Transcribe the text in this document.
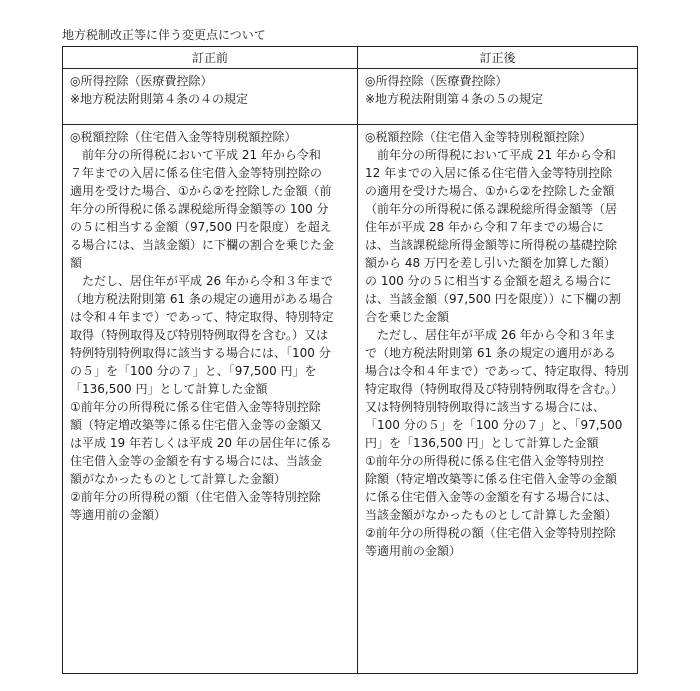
地方税制改正等に伴う変更点について
訂正前	訂正後
◎所得控除（医療費控除）
※地方税法附則第４条の４の規定
◎所得控除（医療費控除）
※地方税法附則第４条の５の規定
◎税額控除（住宅借入金等特別税額控除）
前年分の所得税において平成 21 年から令和
７年までの入居に係る住宅借入金等特別控除の
適用を受けた場合、①から②を控除した金額（前
年分の所得税に係る課税総所得金額等の 100 分
の５に相当する金額（97,500 円を限度）を超え
る場合には、当該金額）に下欄の割合を乗じた金
額
ただし、居住年が平成 26 年から令和３年まで
（地方税法附則第 61 条の規定の適用がある場合
は令和４年まで）であって、特定取得、特別特定
取得（特例取得及び特別特例取得を含む。）又は
特例特別特例取得に該当する場合には、「100 分
の５」を「100 分の７」と、「97,500 円」を
「136,500 円」として計算した金額
①前年分の所得税に係る住宅借入金等特別控除
額（特定増改築等に係る住宅借入金等の金額又
は平成 19 年若しくは平成 20 年の居住年に係る
住宅借入金等の金額を有する場合には、当該金
額がなかったものとして計算した金額）
②前年分の所得税の額（住宅借入金等特別控除
等適用前の金額）
◎税額控除（住宅借入金等特別税額控除）
前年分の所得税において平成 21 年から令和
12 年までの入居に係る住宅借入金等特別控除
の適用を受けた場合、①から②を控除した金額
（前年分の所得税に係る課税総所得金額等（居
住年が平成 28 年から令和７年までの場合に
は、当該課税総所得金額等に所得税の基礎控除
額から 48 万円を差し引いた額を加算した額）
の 100 分の５に相当する金額を超える場合に
は、当該金額（97,500 円を限度））に下欄の割
合を乗じた金額
ただし、居住年が平成 26 年から令和３年ま
で（地方税法附則第 61 条の規定の適用がある
場合は令和４年まで）であって、特定取得、特別
特定取得（特例取得及び特別特例取得を含む。）
又は特例特別特例取得に該当する場合には、
「100 分の５」を「100 分の７」と、「97,500
円」を「136,500 円」として計算した金額
①前年分の所得税に係る住宅借入金等特別控
除額（特定増改築等に係る住宅借入金等の金額
に係る住宅借入金等の金額を有する場合には、
当該金額がなかったものとして計算した金額）
②前年分の所得税の額（住宅借入金等特別控除
等適用前の金額）
